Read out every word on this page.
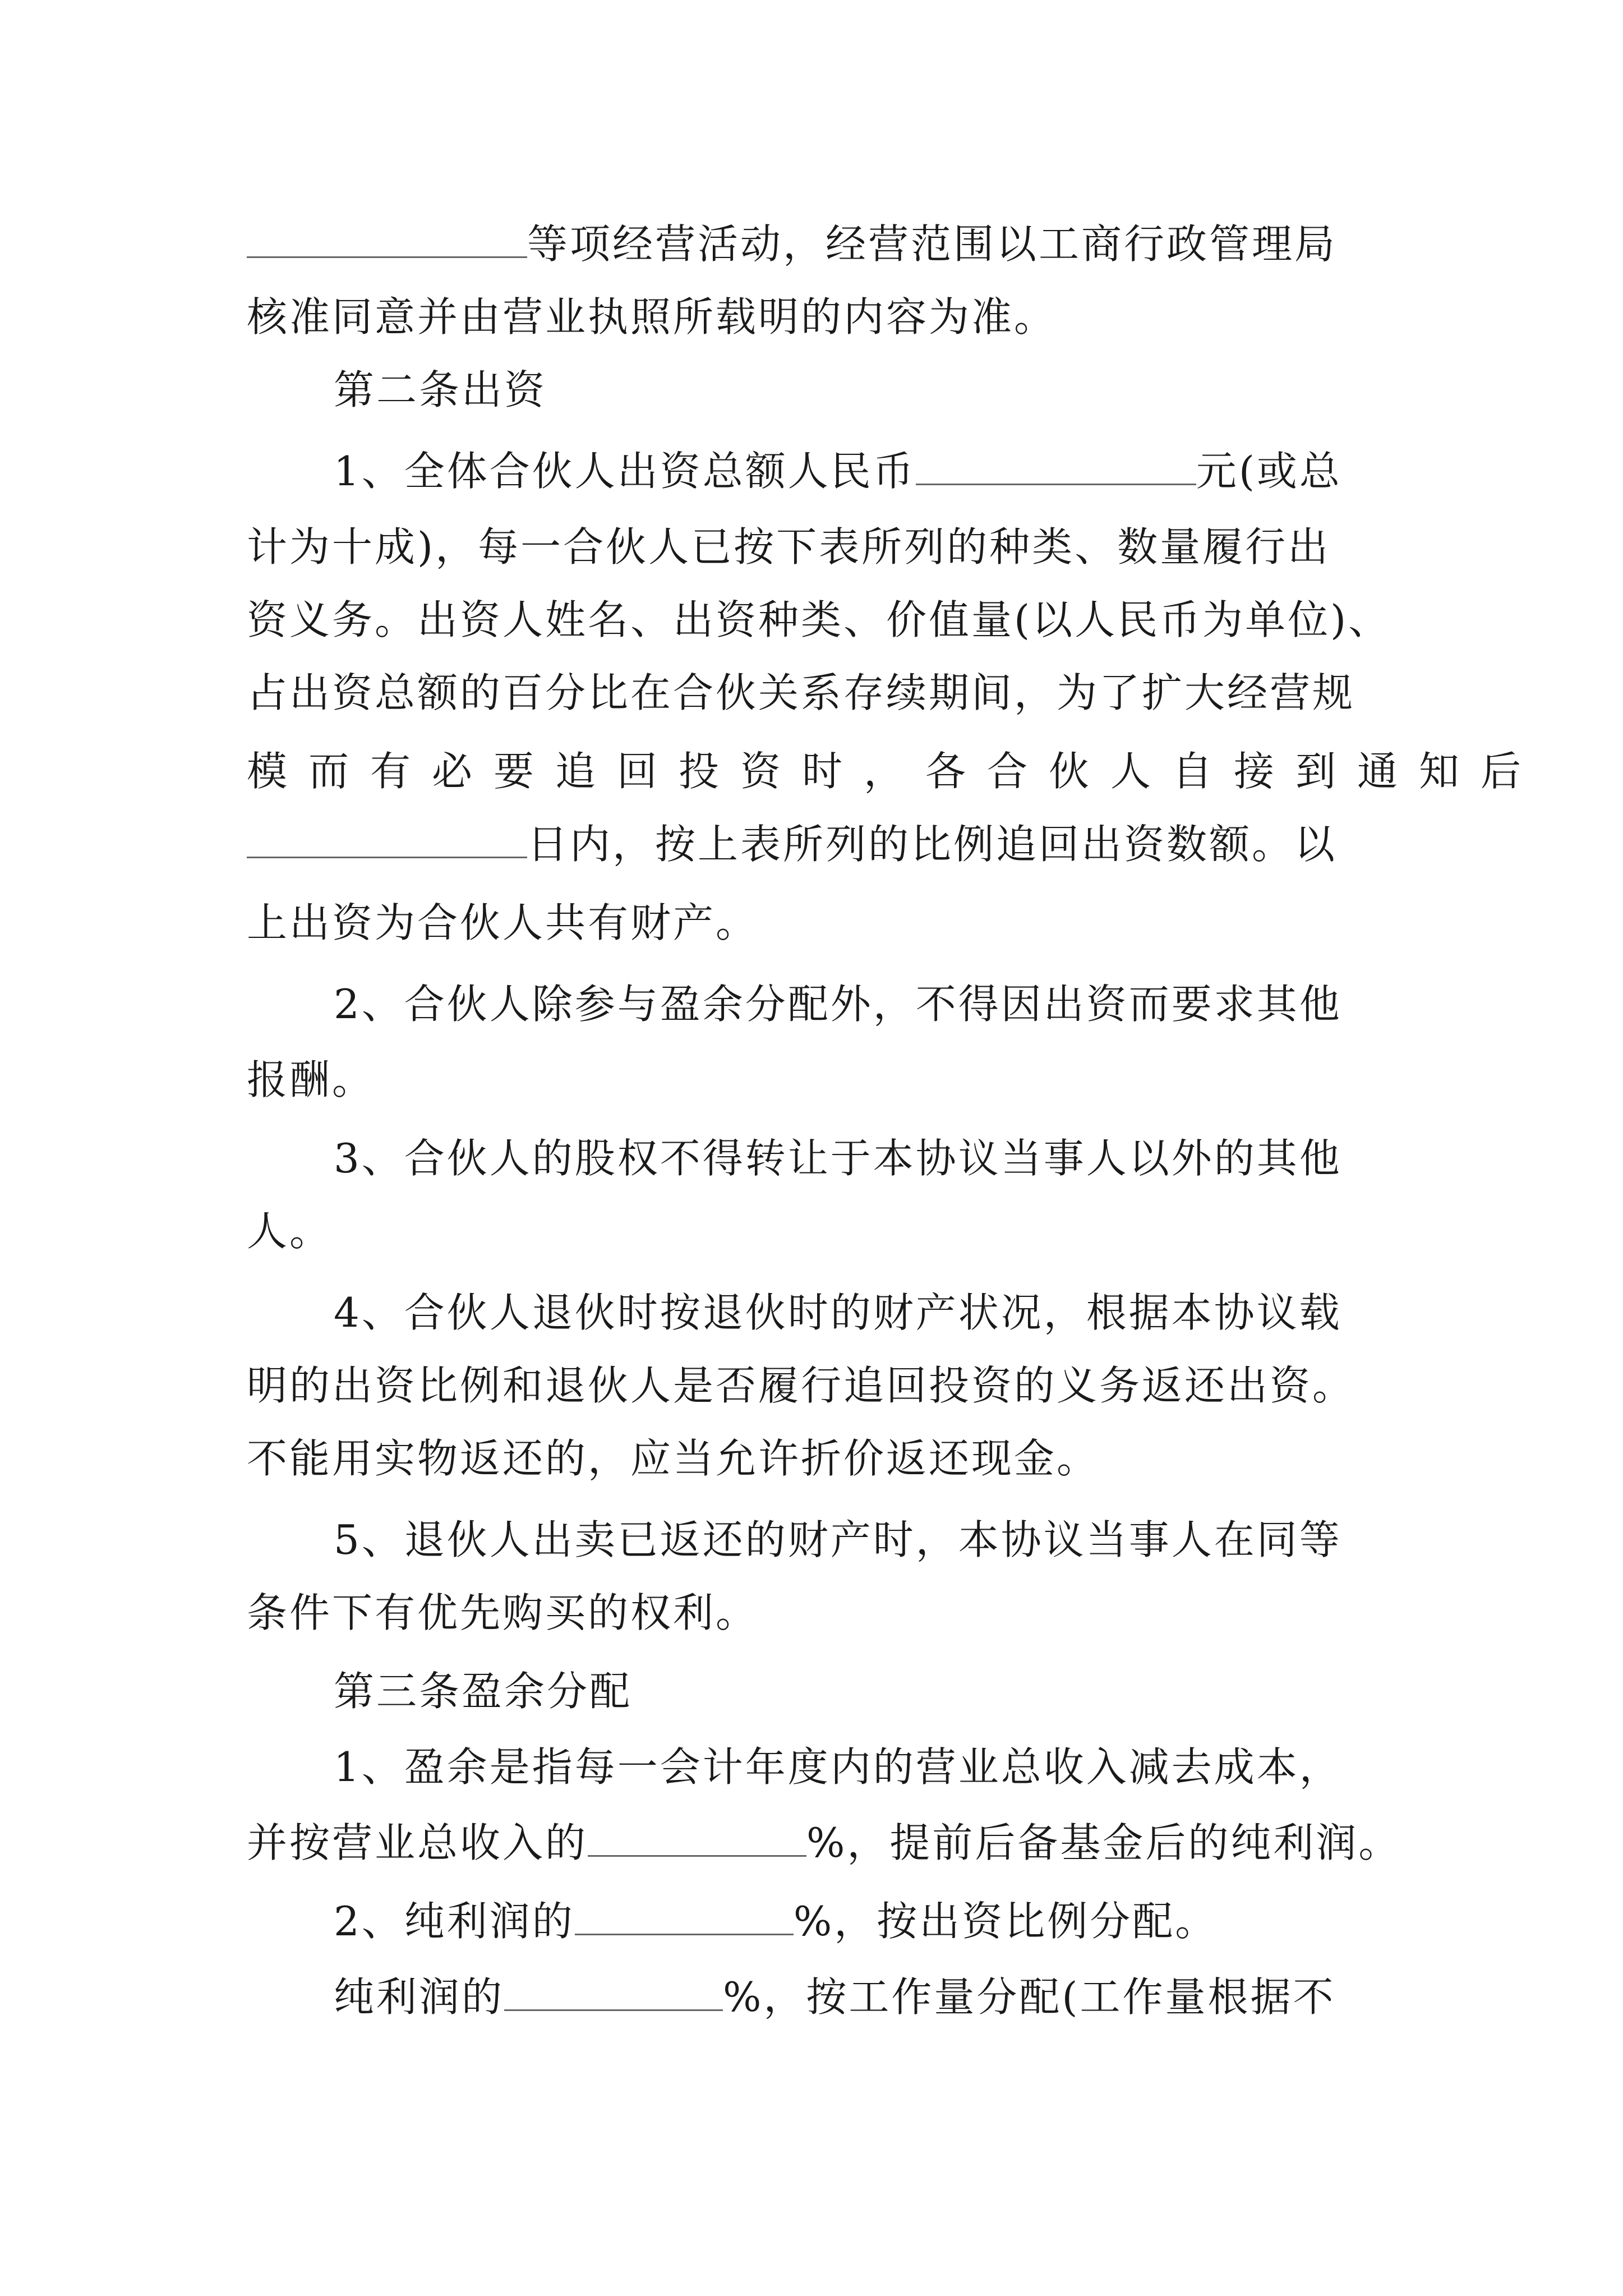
等项经营活动，经营范围以工商行政管理局
核准同意并由营业执照所载明的内容为准。
第二条出资
1、全体合伙人出资总额人民币	元(或总
计为十成)，每一合伙人已按下表所列的种类、数量履行出
资义务。出资人姓名、出资种类、价值量(以人民币为单位)、
占出资总额的百分比在合伙关系存续期间，为了扩大经营规
模而有必要追回投资时，各合伙人自接到通知后
日内，按上表所列的比例追回出资数额。以
上出资为合伙人共有财产。
2、合伙人除参与盈余分配外，不得因出资而要求其他
报酬。
3、合伙人的股权不得转让于本协议当事人以外的其他
人。
4、合伙人退伙时按退伙时的财产状况，根据本协议载
明的出资比例和退伙人是否履行追回投资的义务返还出资。
不能用实物返还的，应当允许折价返还现金。
5、退伙人出卖已返还的财产时，本协议当事人在同等
条件下有优先购买的权利。
第三条盈余分配
1、盈余是指每一会计年度内的营业总收入减去成本，
并按营业总收入的	%，提前后备基金后的纯利润。
2、纯利润的	%，按出资比例分配。
纯利润的	%，按工作量分配(工作量根据不
